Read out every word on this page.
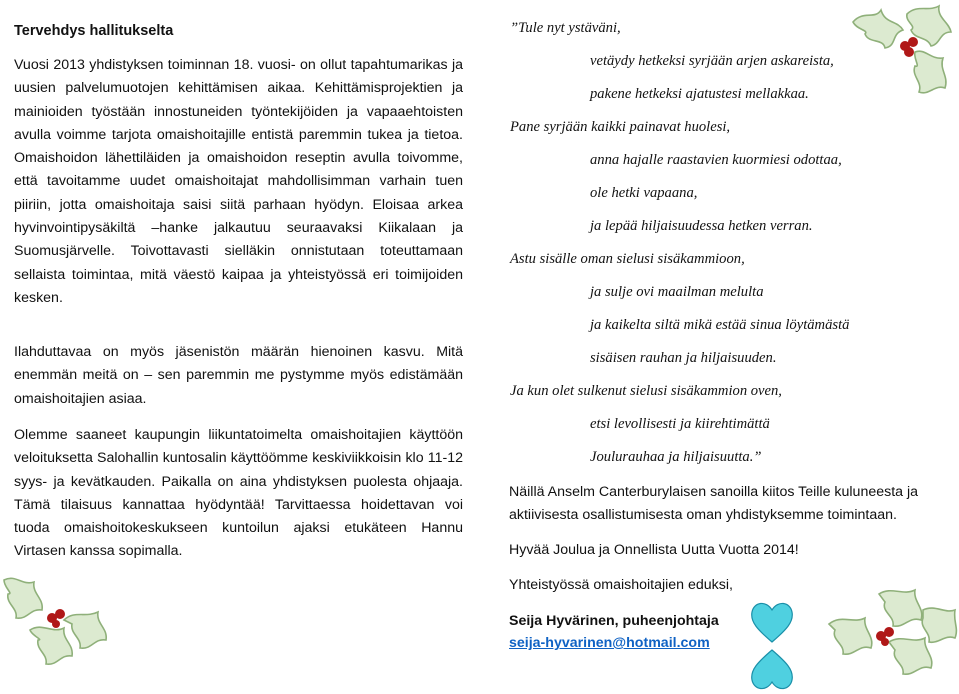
Tervehdys hallitukselta

Vuosi 2013 yhdistyksen toiminnan 18. vuosi- on ollut tapahtumarikas ja uusien palvelumuotojen kehittämisen aikaa. Kehittämisprojektien ja mainioiden työstään innostuneiden työntekijöiden ja vapaaehtoisten avulla voimme tarjota omaishoitajille entistä paremmin tukea ja tietoa. Omaishoidon lähettiläiden ja omaishoidon reseptin avulla toivomme, että tavoitamme uudet omaishoitajat mahdollisimman varhain tuen piiriin, jotta omaishoitaja saisi siitä parhaan hyödyn. Eloisaa arkea hyvinvointipysäkiltä –hanke jalkautuu seuraavaksi Kiikalaan ja Suomusjärvelle. Toivottavasti sielläkin onnistutaan toteuttamaan sellaista toimintaa, mitä väestö kaipaa ja yhteistyössä eri toimijoiden kesken.

Ilahduttavaa on myös jäsenistön määrän hienoinen kasvu. Mitä enemmän meitä on – sen paremmin me pystymme myös edistämään omaishoitajien asiaa.

Olemme saaneet kaupungin liikuntatoimelta omaishoitajien käyttöön veloituksetta Salohallin kuntosalin käyttöömme keskiviikkoisin klo 11-12 syys- ja kevätkauden. Paikalla on aina yhdistyksen puolesta ohjaaja. Tämä tilaisuus kannattaa hyödyntää! Tarvittaessa hoidettavan voi tuoda omaishoitokeskukseen kuntoilun ajaksi etukäteen Hannu Virtasen kanssa sopimalla.

”Tule nyt ystäväni,
vetäydy hetkeksi syrjään arjen askareista,
pakene hetkeksi ajatustesi mellakkaa.
Pane syrjään kaikki painavat huolesi,
anna hajalle raastavien kuormiesi odottaa,
ole hetki vapaana,
ja lepää hiljaisuudessa hetken verran.
Astu sisälle oman sielusi sisäkammioon,
ja sulje ovi maailman melulta
ja kaikelta siltä mikä estää sinua löytämästä
sisäisen rauhan ja hiljaisuuden.
Ja kun olet sulkenut sielusi sisäkammion oven,
etsi levollisesti ja kiirehtimättä
Joulurauhaa ja hiljaisuutta.”

Näillä Anselm Canterburylaisen sanoilla kiitos Teille kuluneesta ja aktiivisesta osallistumisesta oman yhdistyksemme toimintaan.

Hyvää Joulua ja Onnellista Uutta Vuotta 2014!

Yhteistyössä omaishoitajien eduksi,

Seija Hyvärinen, puheenjohtaja

seija-hyvarinen@hotmail.com
